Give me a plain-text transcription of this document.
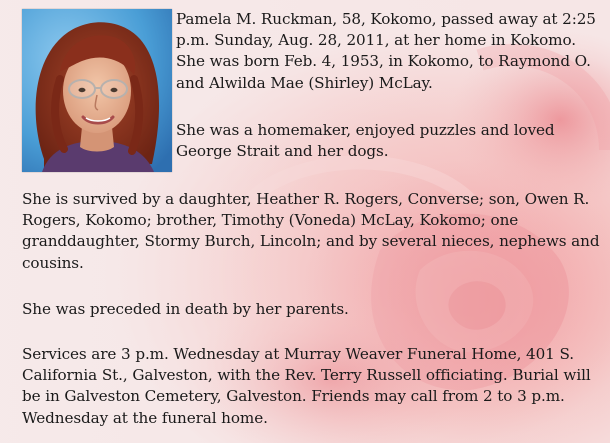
Pamela M. Ruckman, 58, Kokomo, passed away at 2:25 p.m. Sunday, Aug. 28, 2011, at her home in Kokomo. She was born Feb. 4, 1953, in Kokomo, to Raymond O. and Alwilda Mae (Shirley) McLay.

She was a homemaker, enjoyed puzzles and loved George Strait and her dogs.

She is survived by a daughter, Heather R. Rogers, Converse; son, Owen R. Rogers, Kokomo; brother, Timothy (Voneda) McLay, Kokomo; one granddaughter, Stormy Burch, Lincoln; and by several nieces, nephews and cousins.

She was preceded in death by her parents.

Services are 3 p.m. Wednesday at Murray Weaver Funeral Home, 401 S. California St., Galveston, with the Rev. Terry Russell officiating. Burial will be in Galveston Cemetery, Galveston. Friends may call from 2 to 3 p.m. Wednesday at the funeral home.
